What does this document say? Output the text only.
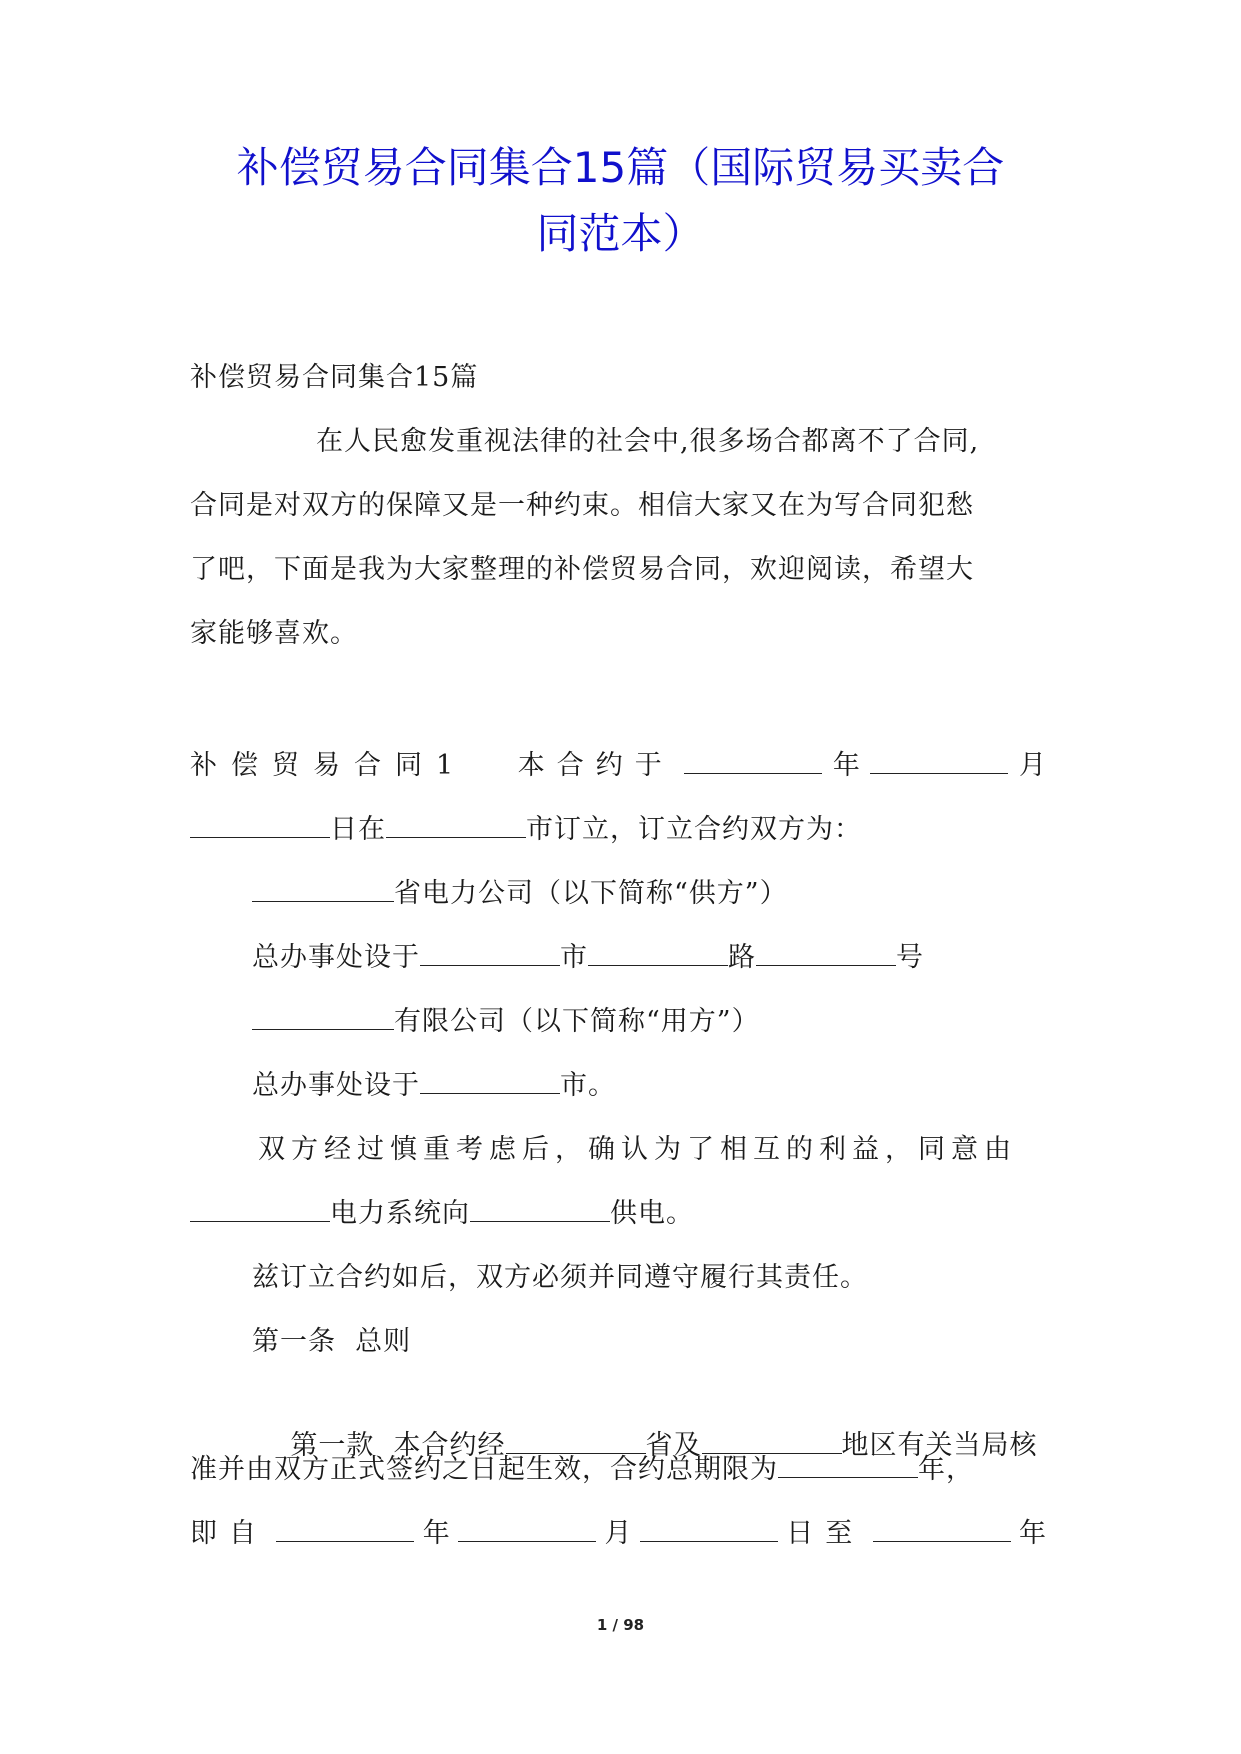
补偿贸易合同集合15篇（国际贸易买卖合
同范本）
补偿贸易合同集合15篇
在人民愈发重视法律的社会中,很多场合都离不了合同,
合同是对双方的保障又是一种约束。相信大家又在为写合同犯愁
了吧，下面是我为大家整理的补偿贸易合同，欢迎阅读，希望大
家能够喜欢。
补偿贸易合同1 本合约于	年	月
日在	市订立，订立合约双方为：
省电力公司（以下简称“供方”）
总办事处设于	市	路	号
有限公司（以下简称“用方”）
总办事处设于	市。
双方经过慎重考虑后，确认为了相互的利益，同意由
电力系统向	供电。
兹订立合约如后，双方必须并同遵守履行其责任。
第一条  总则

第一款  本合约经	省及	地区有关当局核

准并由双方正式签约之日起生效，合约总期限为	年，
即自	年	月	日至	年
1 / 98
